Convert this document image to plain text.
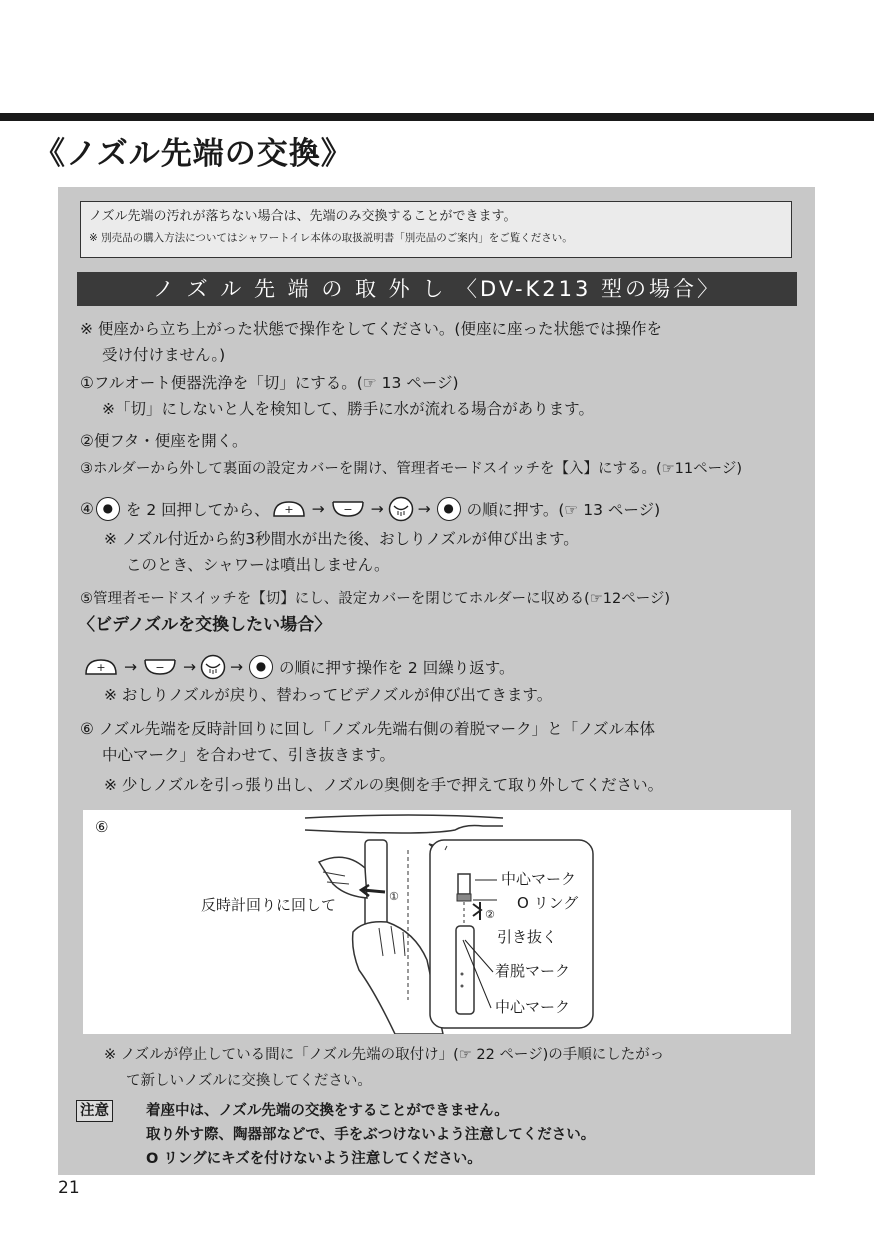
《ノズル先端の交換》
ノズル先端の汚れが落ちない場合は、先端のみ交換することができます。
※ 別売品の購入方法についてはシャワートイレ本体の取扱説明書「別売品のご案内」をご覧ください。
ノ ズ ル 先 端 の 取 外 し 〈DV-K213 型の場合〉
※ 便座から立ち上がった状態で操作をしてください。(便座に座った状態では操作を
受け付けません。)
①フルオート便器洗浄を「切」にする。(☞ 13 ページ)
※「切」にしないと人を検知して、勝手に水が流れる場合があります。
②便フタ・便座を開く。
③ホルダーから外して裏面の設定カバーを開け、管理者モードスイッチを【入】にする。(☞11ページ)
④ ● を 2 回押してから、 + → − → →	● の順に押す。(☞ 13 ページ)
※ ノズル付近から約3秒間水が出た後、おしりノズルが伸び出ます。
このとき、シャワーは噴出しません。
⑤管理者モードスイッチを【切】にし、設定カバーを閉じてホルダーに収める(☞12ページ)
〈ビデノズルを交換したい場合〉
+ → − → →	● の順に押す操作を 2 回繰り返す。
※ おしりノズルが戻り、替わってビデノズルが伸び出てきます。
⑥ ノズル先端を反時計回りに回し「ノズル先端右側の着脱マーク」と「ノズル本体
中心マーク」を合わせて、引き抜きます。
※ 少しノズルを引っ張り出し、ノズルの奥側を手で押えて取り外してください。
⑥
反時計回りに回して	①
中心マーク
O リング
②
引き抜く
着脱マーク
中心マーク
※ ノズルが停止している間に「ノズル先端の取付け」(☞ 22 ページ)の手順にしたがっ
て新しいノズルに交換してください。
注意	着座中は、ノズル先端の交換をすることができません。
取り外す際、陶器部などで、手をぶつけないよう注意してください。
O リングにキズを付けないよう注意してください。
21
